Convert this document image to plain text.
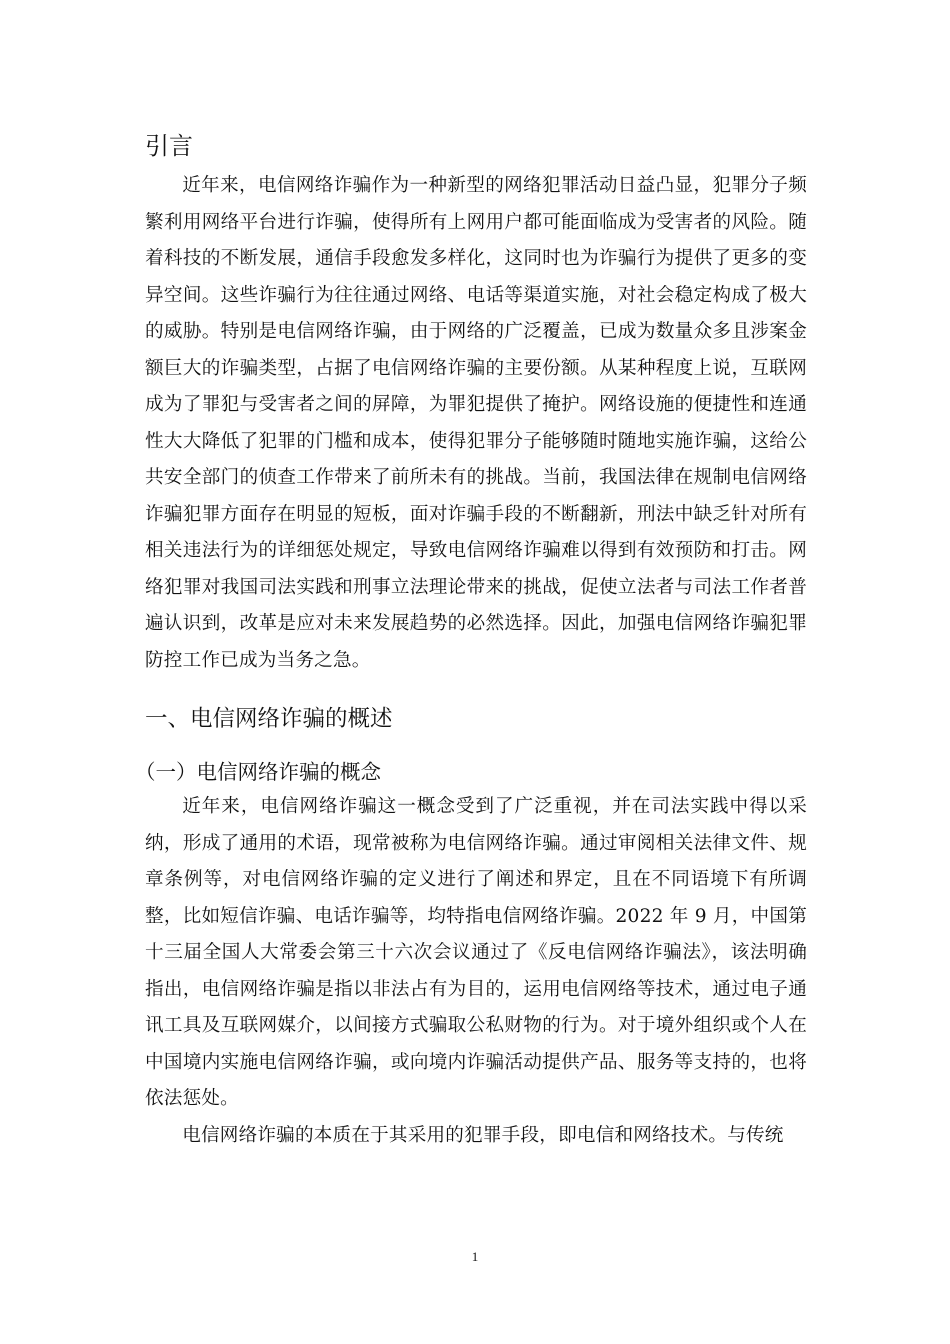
引言

近年来，电信网络诈骗作为一种新型的网络犯罪活动日益凸显，犯罪分子频繁利用网络平台进行诈骗，使得所有上网用户都可能面临成为受害者的风险。随着科技的不断发展，通信手段愈发多样化，这同时也为诈骗行为提供了更多的变异空间。这些诈骗行为往往通过网络、电话等渠道实施，对社会稳定构成了极大的威胁。特别是电信网络诈骗，由于网络的广泛覆盖，已成为数量众多且涉案金额巨大的诈骗类型，占据了电信网络诈骗的主要份额。从某种程度上说，互联网成为了罪犯与受害者之间的屏障，为罪犯提供了掩护。网络设施的便捷性和连通性大大降低了犯罪的门槛和成本，使得犯罪分子能够随时随地实施诈骗，这给公共安全部门的侦查工作带来了前所未有的挑战。当前，我国法律在规制电信网络诈骗犯罪方面存在明显的短板，面对诈骗手段的不断翻新，刑法中缺乏针对所有相关违法行为的详细惩处规定，导致电信网络诈骗难以得到有效预防和打击。网络犯罪对我国司法实践和刑事立法理论带来的挑战，促使立法者与司法工作者普遍认识到，改革是应对未来发展趋势的必然选择。因此，加强电信网络诈骗犯罪防控工作已成为当务之急。

一、电信网络诈骗的概述
（一）电信网络诈骗的概念

近年来，电信网络诈骗这一概念受到了广泛重视，并在司法实践中得以采纳，形成了通用的术语，现常被称为电信网络诈骗。通过审阅相关法律文件、规章条例等，对电信网络诈骗的定义进行了阐述和界定，且在不同语境下有所调整，比如短信诈骗、电话诈骗等，均特指电信网络诈骗。2022 年 9 月，中国第十三届全国人大常委会第三十六次会议通过了《反电信网络诈骗法》，该法明确指出，电信网络诈骗是指以非法占有为目的，运用电信网络等技术，通过电子通讯工具及互联网媒介，以间接方式骗取公私财物的行为。对于境外组织或个人在中国境内实施电信网络诈骗，或向境内诈骗活动提供产品、服务等支持的，也将依法惩处。

电信网络诈骗的本质在于其采用的犯罪手段，即电信和网络技术。与传统

1
